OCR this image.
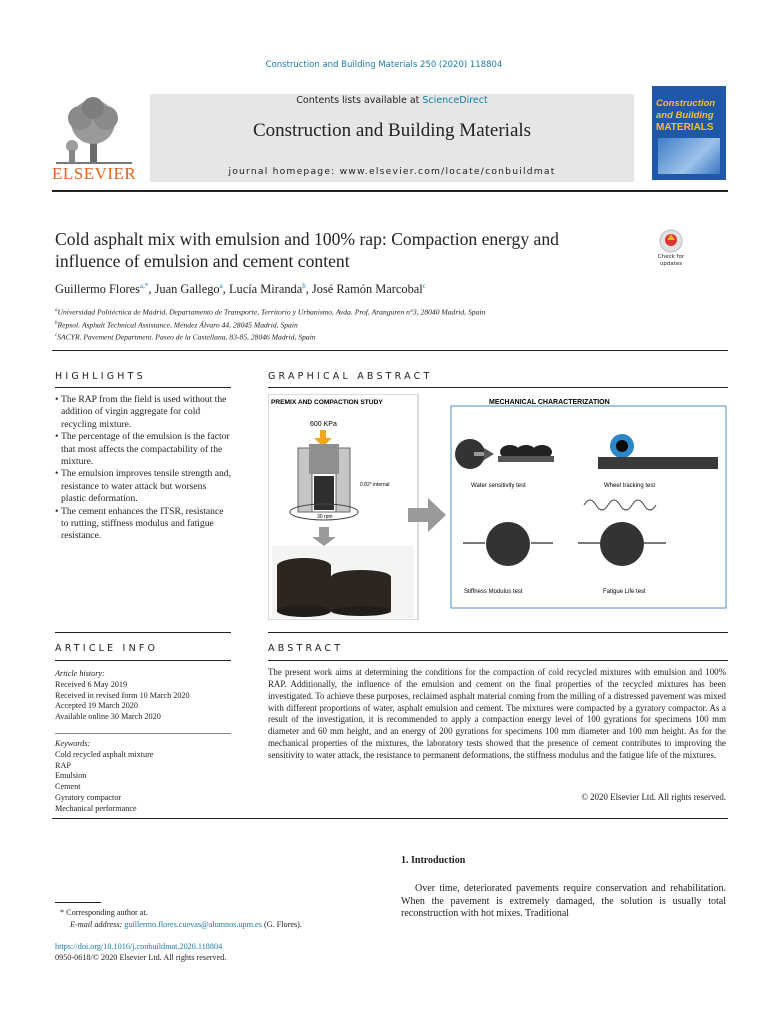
Construction and Building Materials 250 (2020) 118804
ELSEVIER
Contents lists available at ScienceDirect
Construction and Building Materials
journal homepage: www.elsevier.com/locate/conbuildmat
Construction
and Building
MATERIALS
Cold asphalt mix with emulsion and 100% rap: Compaction energy and
influence of emulsion and cement content	Check for
updates
Guillermo Flores$^{a,*}$, Juan Gallego$^a$, Lucía Miranda$^b$, José Ramón Marcobal$^c$
$^a$Universidad Politécnica de Madrid, Departamento de Transporte, Territorio y Urbanismo, Avda. Prof, Aranguren n°3, 28040 Madrid, Spain
$^b$Repsol. Asphalt Technical Assistance, Méndez Álvaro 44, 28045 Madrid, Spain
$^c$SACYR. Pavement Department. Paseo de la Castellana, 83-85, 28046 Madrid, Spain
HIGHLIGHTS
• The RAP from the field is used without the addition of virgin aggregate for cold recycling mixture.
• The percentage of the emulsion is the factor that most affects the compactability of the mixture.
• The emulsion improves tensile strength and, resistance to water attack but worsens plastic deformation.
• The cement enhances the ITSR, resistance to rutting, stiffness modulus and fatigue resistance.
GRAPHICAL ABSTRACT
PREMIX AND COMPACTION STUDY
600 KPa
0.82° internal
30 rpm
MECHANICAL CHARACTERIZATION
Water sensitivity test	Wheel tracking test
Stiffness Modulus test	Fatigue Life test
ARTICLE INFO
Article history:
Received 6 May 2019
Received in revised form 10 March 2020
Accepted 19 March 2020
Available online 30 March 2020
Keywords:
Cold recycled asphalt mixture
RAP
Emulsion
Cement
Gyratory compactor
Mechanical performance
ABSTRACT
The present work aims at determining the conditions for the compaction of cold recycled mixtures with emulsion and 100% RAP. Additionally, the influence of the emulsion and cement on the final properties of the recycled mixtures has been investigated. To achieve these purposes, reclaimed asphalt material coming from the milling of a distressed pavement was mixed with different proportions of water, asphalt emulsion and cement. The mixtures were compacted by a gyratory compactor. As a result of the investigation, it is recommended to apply a compaction energy level of 100 gyrations for specimens 100 mm diameter and 60 mm height, and an energy of 200 gyrations for specimens 100 mm diameter and 100 mm height. As for the mechanical properties of the mixtures, the laboratory tests showed that the presence of cement contributes to improving the sensitivity to water attack, the resistance to permanent deformations, the stiffness modulus and the fatigue life of the mixtures.
© 2020 Elsevier Ltd. All rights reserved.
1. Introduction
Over time, deteriorated pavements require conservation and rehabilitation. When the pavement is extremely damaged, the solution is usually total reconstruction with hot mixes. Traditional
* Corresponding author at.
E-mail address: guillermo.flores.cuevas@alumnos.upm.es (G. Flores).
https://doi.org/10.1016/j.conbuildmat.2020.118804
0950-0618/© 2020 Elsevier Ltd. All rights reserved.
